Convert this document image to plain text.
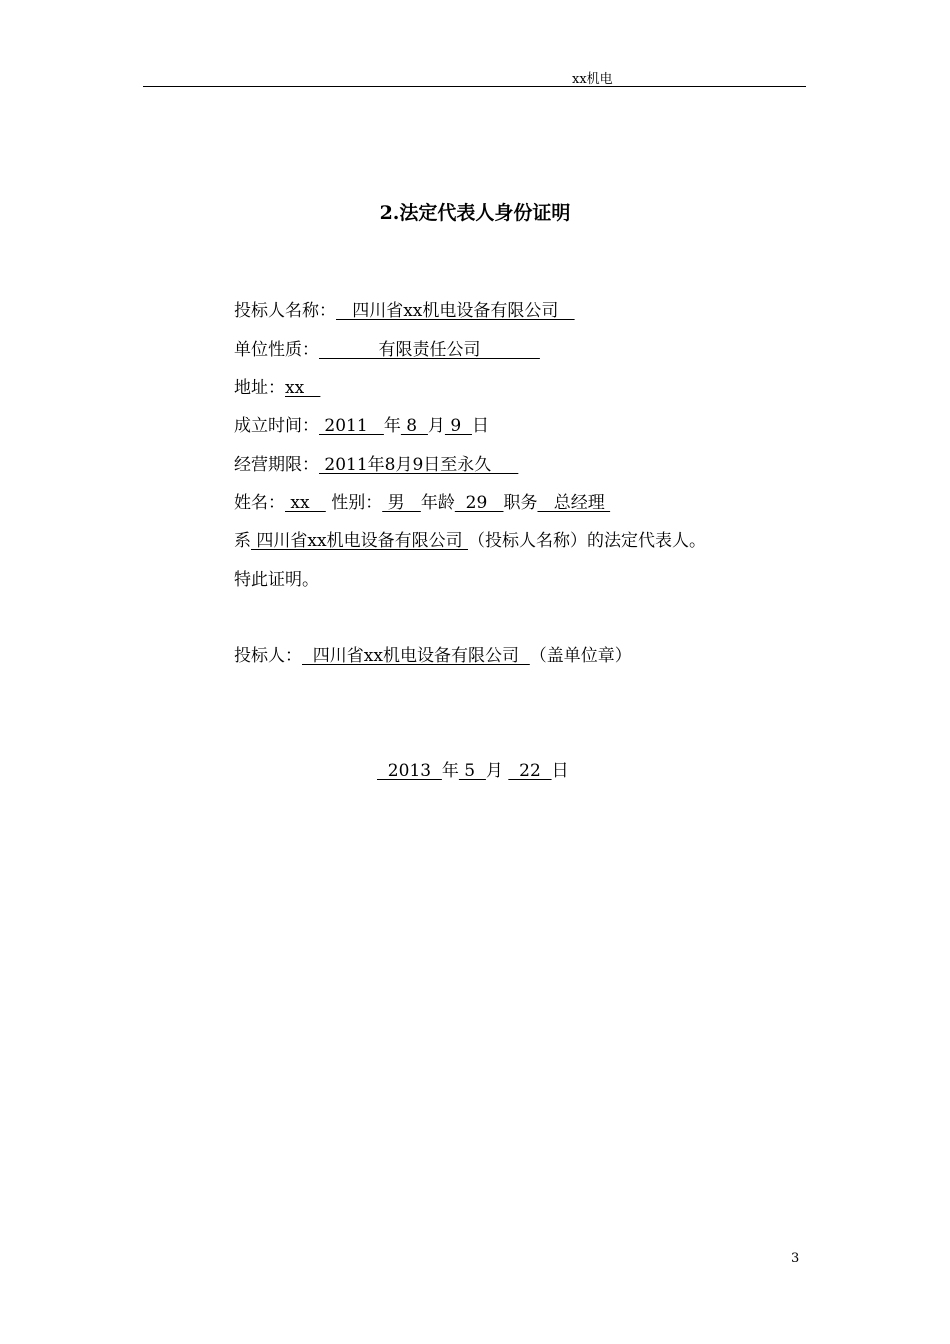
xx机电
2.法定代表人身份证明
投标人名称：   四川省xx机电设备有限公司
单位性质：           有限责任公司
地址：xx
成立时间： 2011   年 8  月 9  日
经营期限： 2011年8月9日至永久
姓名： xx    性别： 男   年龄  29   职务   总经理
系 四川省xx机电设备有限公司 （投标人名称）的法定代表人。
特此证明。
投标人：  四川省xx机电设备有限公司  （盖单位章）
2013  年 5  月   22  日
3
